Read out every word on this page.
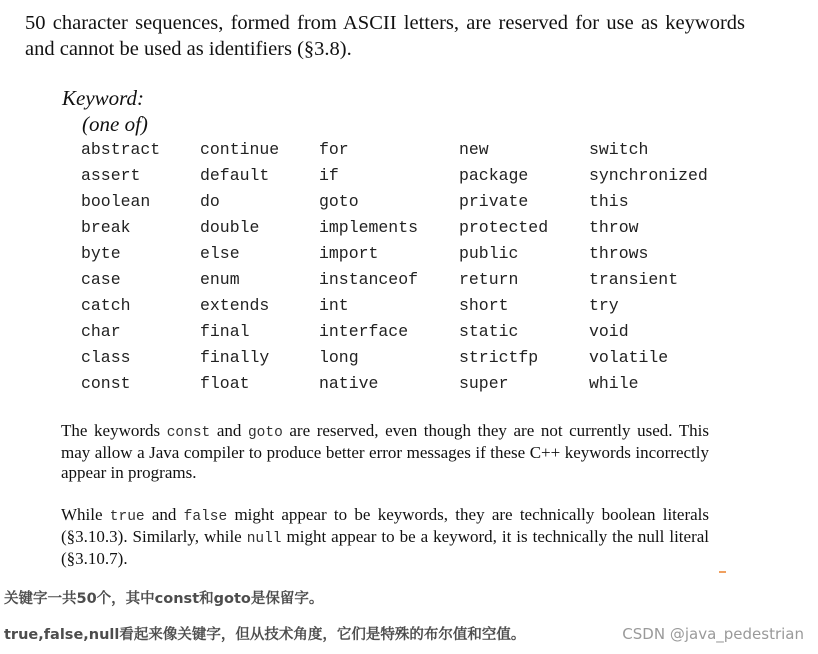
50 character sequences, formed from ASCII letters, are reserved for use as keywords and cannot be used as identifiers (§3.8).
Keyword:
(one of)
abstract	continue	for	new	switch
assert	default	if	package	synchronized
boolean	do	goto	private	this
break	double	implements	protected	throw
byte	else	import	public	throws
case	enum	instanceof	return	transient
catch	extends	int	short	try
char	final	interface	static	void
class	finally	long	strictfp	volatile
const	float	native	super	while

The keywords const and goto are reserved, even though they are not currently used. This may allow a Java compiler to produce better error messages if these C++ keywords incorrectly appear in programs.

While true and false might appear to be keywords, they are technically boolean literals (§3.10.3). Similarly, while null might appear to be a keyword, it is technically the null literal (§3.10.7).

关键字一共50个，其中const和goto是保留字。
true,false,null看起来像关键字，但从技术角度，它们是特殊的布尔值和空值。	CSDN @java_pedestrian
